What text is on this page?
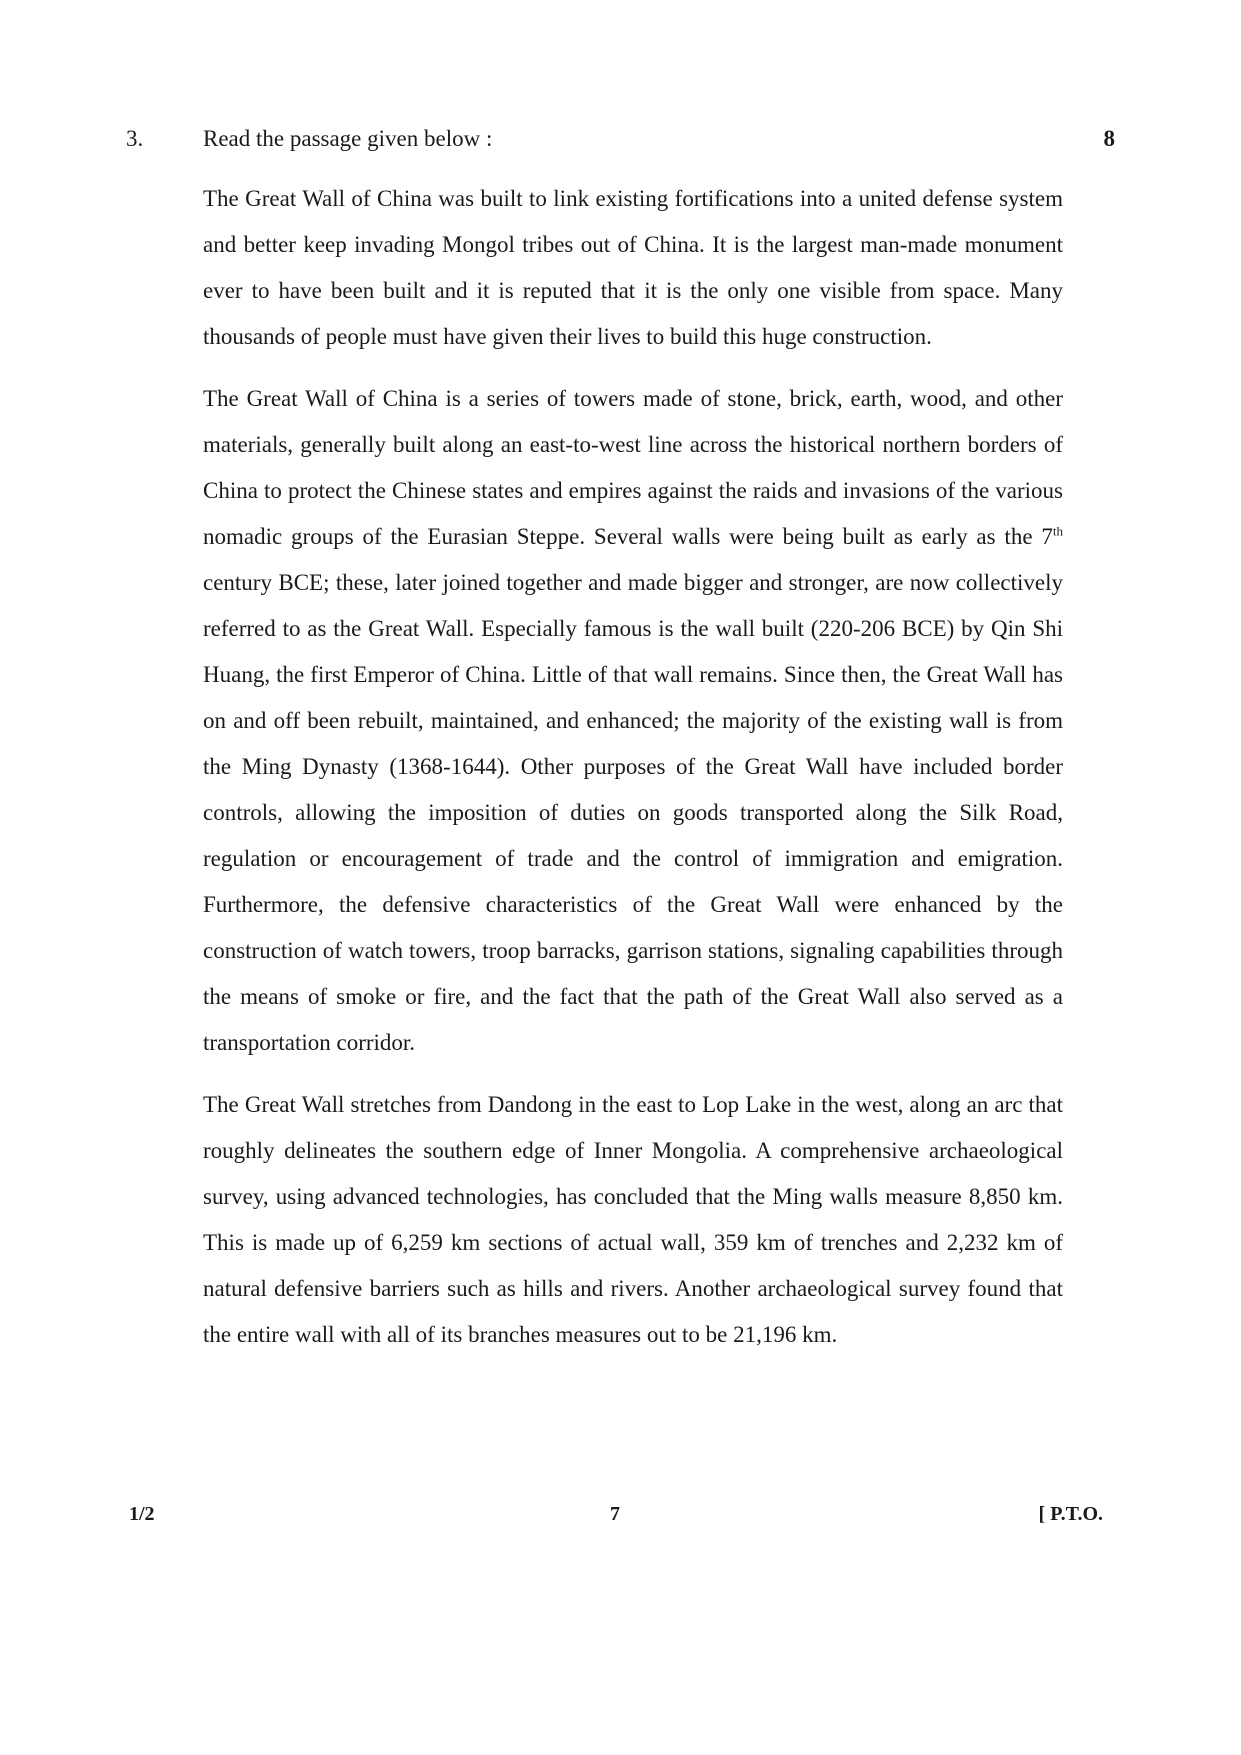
3.	Read the passage given below :	8

The Great Wall of China was built to link existing fortifications into a united defense system and better keep invading Mongol tribes out of China. It is the largest man-made monument ever to have been built and it is reputed that it is the only one visible from space. Many thousands of people must have given their lives to build this huge construction.

The Great Wall of China is a series of towers made of stone, brick, earth, wood, and other materials, generally built along an east-to-west line across the historical northern borders of China to protect the Chinese states and empires against the raids and invasions of the various nomadic groups of the Eurasian Steppe. Several walls were being built as early as the 7th century BCE; these, later joined together and made bigger and stronger, are now collectively referred to as the Great Wall. Especially famous is the wall built (220-206 BCE) by Qin Shi Huang, the first Emperor of China. Little of that wall remains. Since then, the Great Wall has on and off been rebuilt, maintained, and enhanced; the majority of the existing wall is from the Ming Dynasty (1368-1644). Other purposes of the Great Wall have included border controls, allowing the imposition of duties on goods transported along the Silk Road, regulation or encouragement of trade and the control of immigration and emigration. Furthermore, the defensive characteristics of the Great Wall were enhanced by the construction of watch towers, troop barracks, garrison stations, signaling capabilities through the means of smoke or fire, and the fact that the path of the Great Wall also served as a transportation corridor.

The Great Wall stretches from Dandong in the east to Lop Lake in the west, along an arc that roughly delineates the southern edge of Inner Mongolia. A comprehensive archaeological survey, using advanced technologies, has concluded that the Ming walls measure 8,850 km. This is made up of 6,259 km sections of actual wall, 359 km of trenches and 2,232 km of natural defensive barriers such as hills and rivers. Another archaeological survey found that the entire wall with all of its branches measures out to be 21,196 km.

1/2	7	[ P.T.O.
